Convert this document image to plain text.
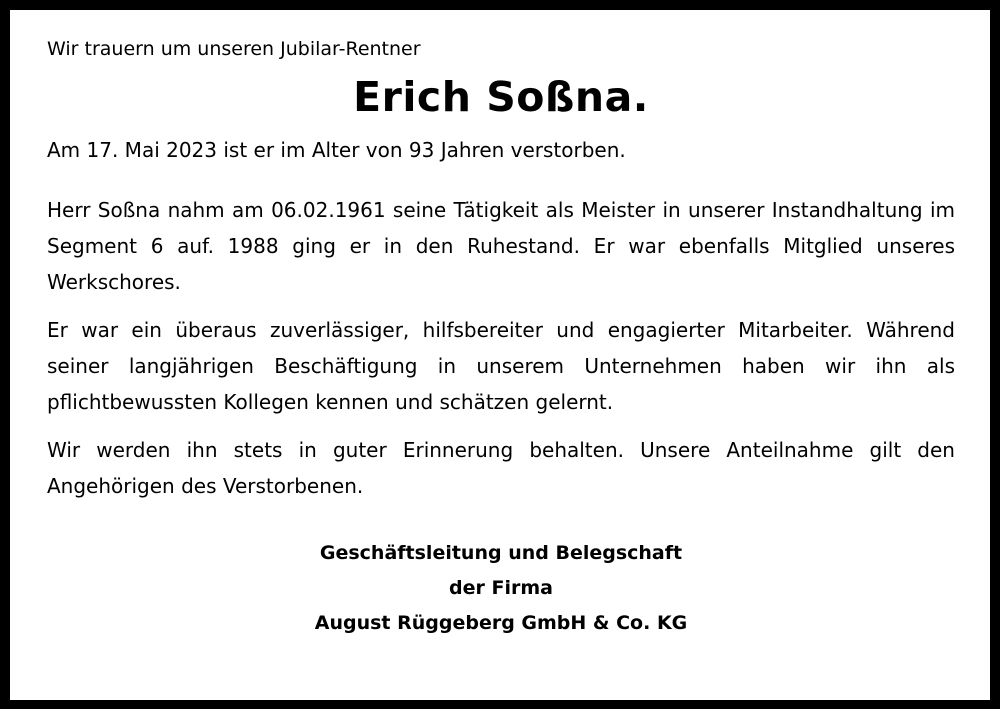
Wir trauern um unseren Jubilar-Rentner

Erich Soßna.

Am 17. Mai 2023 ist er im Alter von 93 Jahren verstorben.

Herr Soßna nahm am 06.02.1961 seine Tätigkeit als Meister in unserer Instandhaltung im Segment 6 auf. 1988 ging er in den Ruhestand. Er war ebenfalls Mitglied unseres Werkschores.

Er war ein überaus zuverlässiger, hilfsbereiter und engagierter Mitarbeiter. Während seiner langjährigen Beschäftigung in unserem Unternehmen haben wir ihn als pflichtbewussten Kollegen kennen und schätzen gelernt.

Wir werden ihn stets in guter Erinnerung behalten. Unsere Anteilnahme gilt den Angehörigen des Verstorbenen.

Geschäftsleitung und Belegschaft
der Firma
August Rüggeberg GmbH & Co. KG
